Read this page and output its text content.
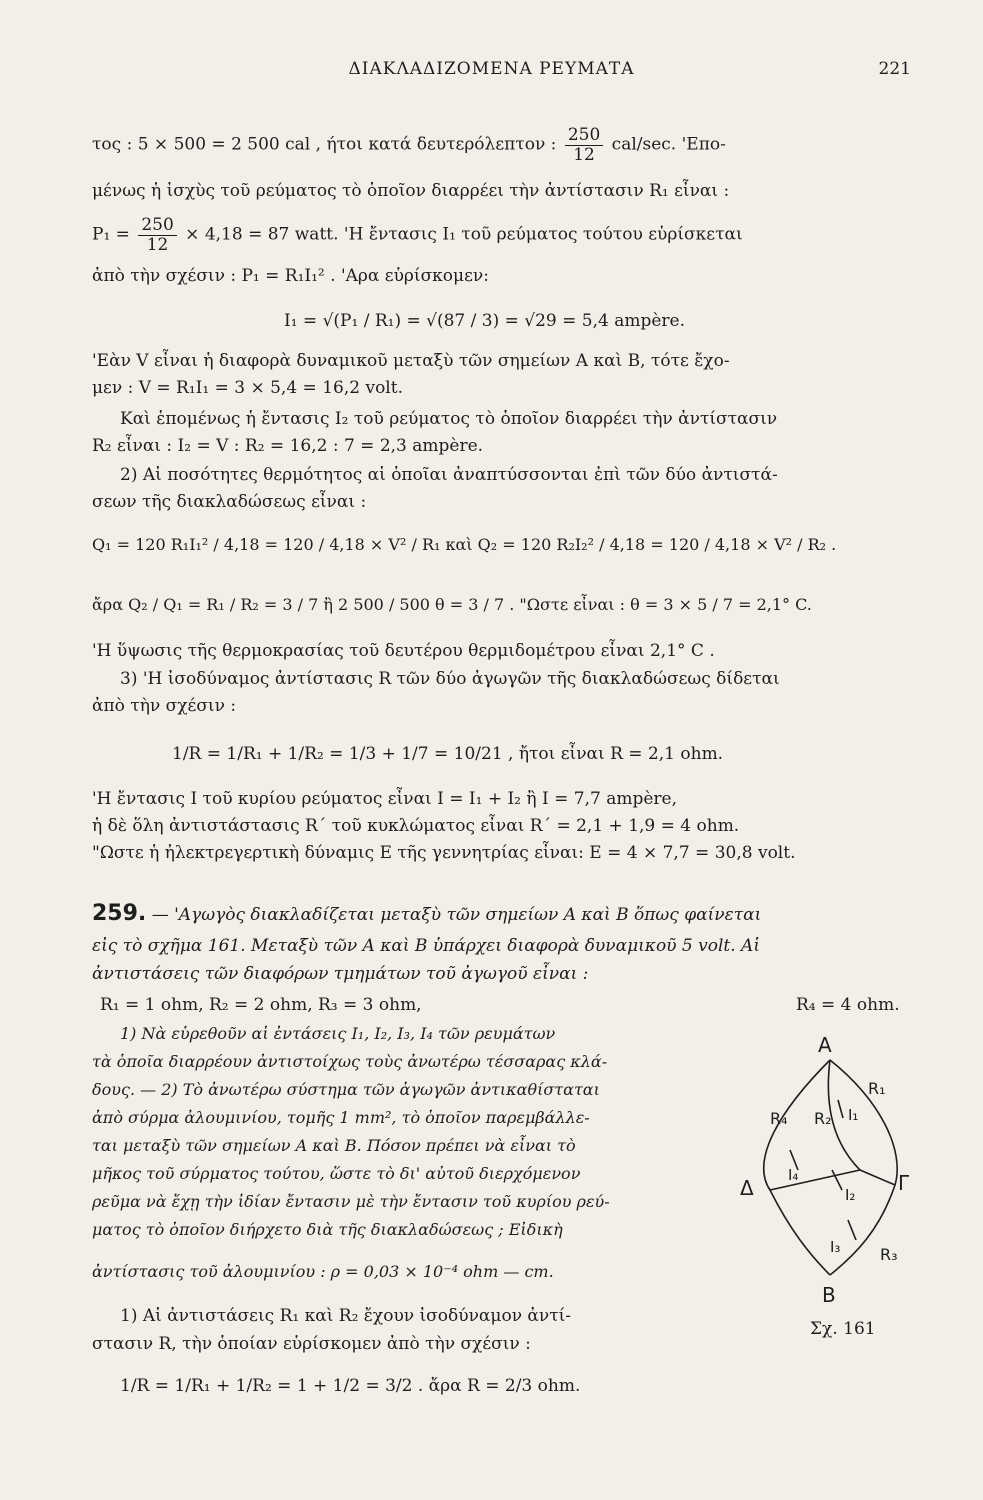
ΔΙΑΚΛΑΔΙΖΟΜΕΝΑ ΡΕΥΜΑΤΑ	221
τος : 5 × 500 = 2 500 cal , ήτοι κατά δευτερόλεπτον : $\frac{250}{12} cal/\sec$. 'Επο-
μένως ἡ ἰσχὺς τοῦ ρεύματος τὸ ὁποῖον διαρρέει τὴν ἀντίστασιν R₁ εἶναι :
$P_1 = \frac{250}{12} \times 4,18 = 87$ watt. 'Η ἔντασις I₁ τοῦ ρεύματος τούτου εὑρίσκεται
ἀπὸ τὴν σχέσιν : P₁ = R₁I₁² . 'Αρα εὑρίσκομεν:
I₁ = √(P₁ / R₁) = √(87 / 3) = √29 = 5,4 ampère.
'Εὰν V εἶναι ἡ διαφορὰ δυναμικοῦ μεταξὺ τῶν σημείων A καὶ B, τότε ἔχο-
μεν : V = R₁I₁ = 3 × 5,4 = 16,2 volt.
Καὶ ἑπομένως ἡ ἔντασις I₂ τοῦ ρεύματος τὸ ὁποῖον διαρρέει τὴν ἀντίστασιν
R₂ εἶναι : I₂ = V : R₂ = 16,2 : 7 = 2,3 ampère.
2) Αἱ ποσότητες θερμότητος αἱ ὁποῖαι ἀναπτύσσονται ἐπὶ τῶν δύο ἀντιστά-
σεων τῆς διακλαδώσεως εἶναι :
Q₁ = 120 R₁I₁² / 4,18 = 120 / 4,18 × V² / R₁ καὶ Q₂ = 120 R₂I₂² / 4,18 = 120 / 4,18 × V² / R₂ .
ἄρα Q₂ / Q₁ = R₁ / R₂ = 3 / 7 ἢ 2 500 / 500 θ = 3 / 7 . "Ωστε εἶναι : θ = 3 × 5 / 7 = 2,1° C.
'Η ὕψωσις τῆς θερμοκρασίας τοῦ δευτέρου θερμιδομέτρου εἶναι 2,1° C .
3) 'Η ἰσοδύναμος ἀντίστασις R τῶν δύο ἀγωγῶν τῆς διακλαδώσεως δίδεται
ἀπὸ τὴν σχέσιν :
1/R = 1/R₁ + 1/R₂ = 1/3 + 1/7 = 10/21 , ἤτοι εἶναι R = 2,1 ohm.
'Η ἔντασις I τοῦ κυρίου ρεύματος εἶναι I = I₁ + I₂ ἢ I = 7,7 ampère,
ἡ δὲ ὅλη ἀντιστάστασις R΄ τοῦ κυκλώματος εἶναι R΄ = 2,1 + 1,9 = 4 ohm.
"Ωστε ἡ ἠλεκτρεγερτικὴ δύναμις E τῆς γεννητρίας εἶναι: E = 4 × 7,7 = 30,8 volt.
259. — 'Αγωγὸς διακλαδίζεται μεταξὺ τῶν σημείων A καὶ B ὅπως φαίνεται
εἰς τὸ σχῆμα 161. Μεταξὺ τῶν A καὶ B ὑπάρχει διαφορὰ δυναμικοῦ 5 volt. Αἱ
ἀντιστάσεις τῶν διαφόρων τμημάτων τοῦ ἀγωγοῦ εἶναι :
R₁ = 1 ohm, R₂ = 2 ohm, R₃ = 3 ohm,	R₄ = 4 ohm.
1) Νὰ εὑρεθοῦν αἱ ἐντάσεις I₁, I₂, I₃, I₄ τῶν ρευμάτων
τὰ ὁποῖα διαρρέουν ἀντιστοίχως τοὺς ἀνωτέρω τέσσαρας κλά-
δους. — 2) Τὸ ἀνωτέρω σύστημα τῶν ἀγωγῶν ἀντικαθίσταται
ἀπὸ σύρμα ἀλουμινίου, τομῆς 1 mm², τὸ ὁποῖον παρεμβάλλε-
ται μεταξὺ τῶν σημείων A καὶ B. Πόσον πρέπει νὰ εἶναι τὸ
μῆκος τοῦ σύρματος τούτου, ὥστε τὸ δι' αὐτοῦ διερχόμενον
ρεῦμα νὰ ἔχῃ τὴν ἰδίαν ἔντασιν μὲ τὴν ἔντασιν τοῦ κυρίου ρεύ-
ματος τὸ ὁποῖον διήρχετο διὰ τῆς διακλαδώσεως ; Εἰδικὴ
ἀντίστασις τοῦ ἀλουμινίου : ρ = 0,03 × 10⁻⁴ ohm — cm.
1) Αἱ ἀντιστάσεις R₁ καὶ R₂ ἔχουν ἰσοδύναμον ἀντί-
στασιν R, τὴν ὁποίαν εὑρίσκομεν ἀπὸ τὴν σχέσιν :
1/R = 1/R₁ + 1/R₂ = 1 + 1/2 = 3/2 . ἄρα R = 2/3 ohm.
A
B
Δ	Γ
R₁
R₂
R₃
R₄	I₁
I₂
I₃
I₄
Σχ. 161
